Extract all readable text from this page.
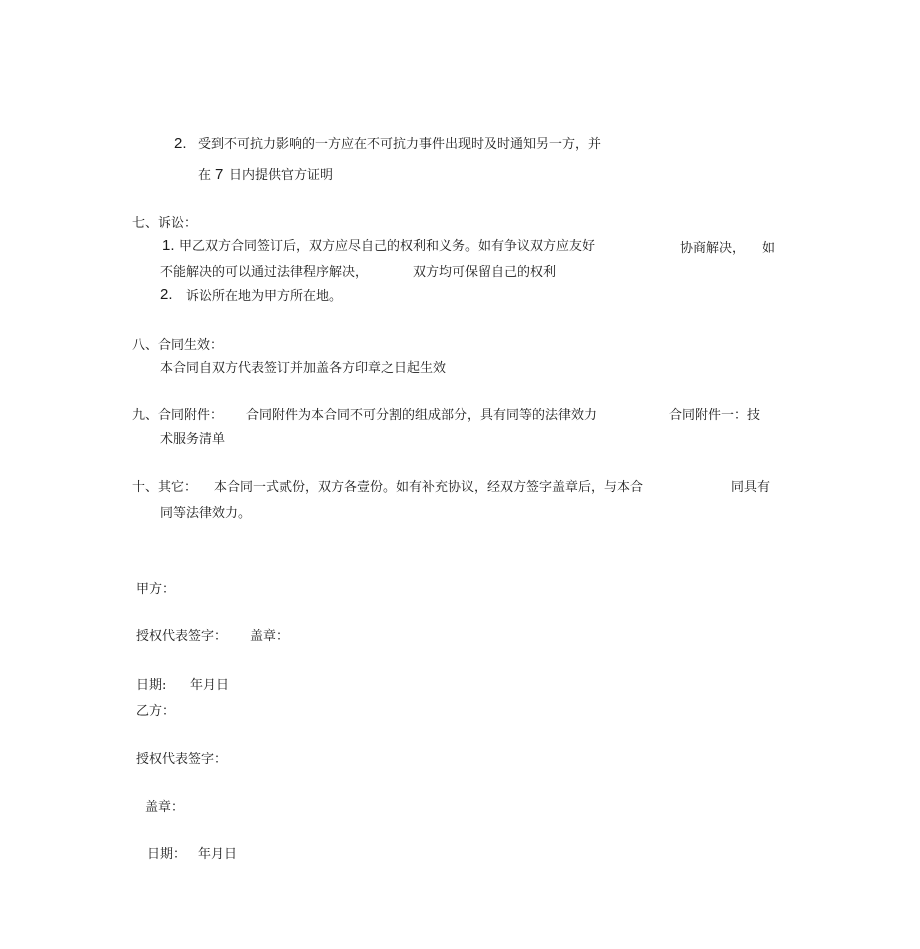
2. 受到不可抗力影响的一方应在不可抗力事件出现时及时通知另一方，并
在 7 日内提供官方证明
七、诉讼：
1. 甲乙双方合同签订后，双方应尽自己的权利和义务。如有争议双方应友好	协商解决， 如
不能解决的可以通过法律程序解决，	双方均可保留自己的权利
2. 诉讼所在地为甲方所在地。
八、合同生效：
本合同自双方代表签订并加盖各方印章之日起生效
九、合同附件： 合同附件为本合同不可分割的组成部分，具有同等的法律效力	合同附件一：技
术服务清单
十、其它： 本合同一式贰份，双方各壹份。如有补充协议，经双方签字盖章后，与本合	同具有
同等法律效力。
甲方：
授权代表签字： 盖章：
日期: 年月日
乙方：
授权代表签字：
盖章：
日期： 年月日
